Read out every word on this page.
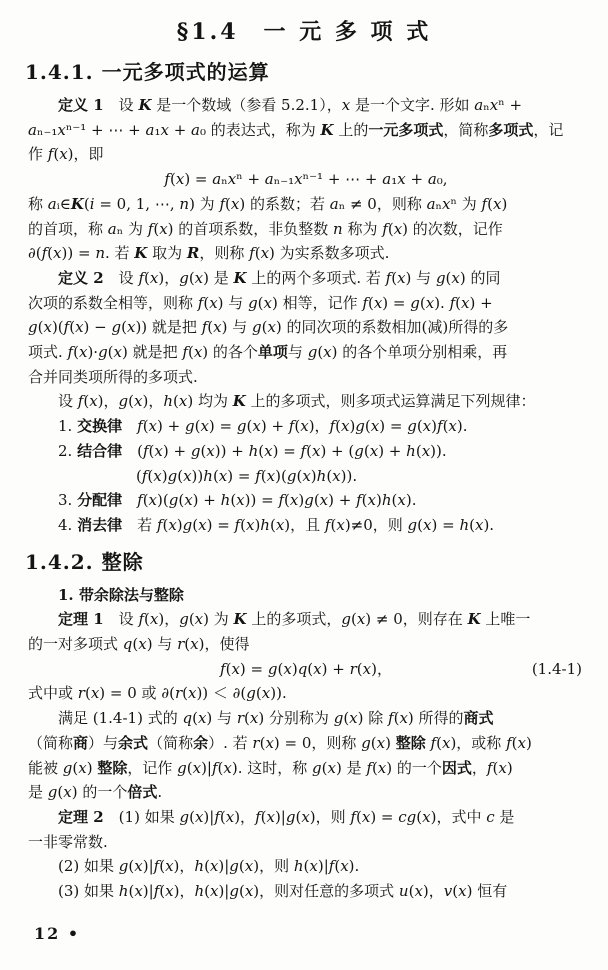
§1.4　一 元 多 项 式
1.4.1. 一元多项式的运算
定义 1　设 K 是一个数域（参看 5.2.1），x 是一个文字. 形如 aₙxⁿ +
aₙ₋₁xⁿ⁻¹ + ⋯ + a₁x + a₀ 的表达式，称为 K 上的一元多项式，简称多项式，记
作 f(x)，即
f(x) = aₙxⁿ + aₙ₋₁xⁿ⁻¹ + ⋯ + a₁x + a₀,
称 aᵢ∈K(i = 0, 1, ⋯, n) 为 f(x) 的系数；若 aₙ ≠ 0，则称 aₙxⁿ 为 f(x)
的首项，称 aₙ 为 f(x) 的首项系数，非负整数 n 称为 f(x) 的次数，记作
∂(f(x)) = n. 若 K 取为 R，则称 f(x) 为实系数多项式.
定义 2　设 f(x)，g(x) 是 K 上的两个多项式. 若 f(x) 与 g(x) 的同
次项的系数全相等，则称 f(x) 与 g(x) 相等，记作 f(x) = g(x). f(x) +
g(x)(f(x) − g(x)) 就是把 f(x) 与 g(x) 的同次项的系数相加(减)所得的多
项式. f(x)·g(x) 就是把 f(x) 的各个单项与 g(x) 的各个单项分别相乘，再
合并同类项所得的多项式.
设 f(x)，g(x)，h(x) 均为 K 上的多项式，则多项式运算满足下列规律：
1. 交换律　 f(x) + g(x) = g(x) + f(x)，f(x)g(x) = g(x)f(x).
2. 结合律　(f(x) + g(x)) + h(x) = f(x) + (g(x) + h(x)).
(f(x)g(x))h(x) = f(x)(g(x)h(x)).
3. 分配律　 f(x)(g(x) + h(x)) = f(x)g(x) + f(x)h(x).
4. 消去律　若 f(x)g(x) = f(x)h(x)，且 f(x)≠0，则 g(x) = h(x).
1.4.2. 整除
1. 带余除法与整除
定理 1　设 f(x)，g(x) 为 K 上的多项式，g(x) ≠ 0，则存在 K 上唯一
的一对多项式 q(x) 与 r(x)，使得
f(x) = g(x)q(x) + r(x)，	(1.4-1)
式中或 r(x) = 0 或 ∂(r(x)) ＜ ∂(g(x)).
满足 (1.4-1) 式的 q(x) 与 r(x) 分别称为 g(x) 除 f(x) 所得的商式
（简称商）与余式（简称余）. 若 r(x) = 0，则称 g(x) 整除 f(x)，或称 f(x)
能被 g(x) 整除，记作 g(x)|f(x). 这时，称 g(x) 是 f(x) 的一个因式，f(x)
是 g(x) 的一个倍式.
定理 2　(1) 如果 g(x)|f(x)，f(x)|g(x)，则 f(x) = cg(x)，式中 c 是
一非零常数.
(2) 如果 g(x)|f(x)，h(x)|g(x)，则 h(x)|f(x).
(3) 如果 h(x)|f(x)，h(x)|g(x)，则对任意的多项式 u(x)，v(x) 恒有
12 •
